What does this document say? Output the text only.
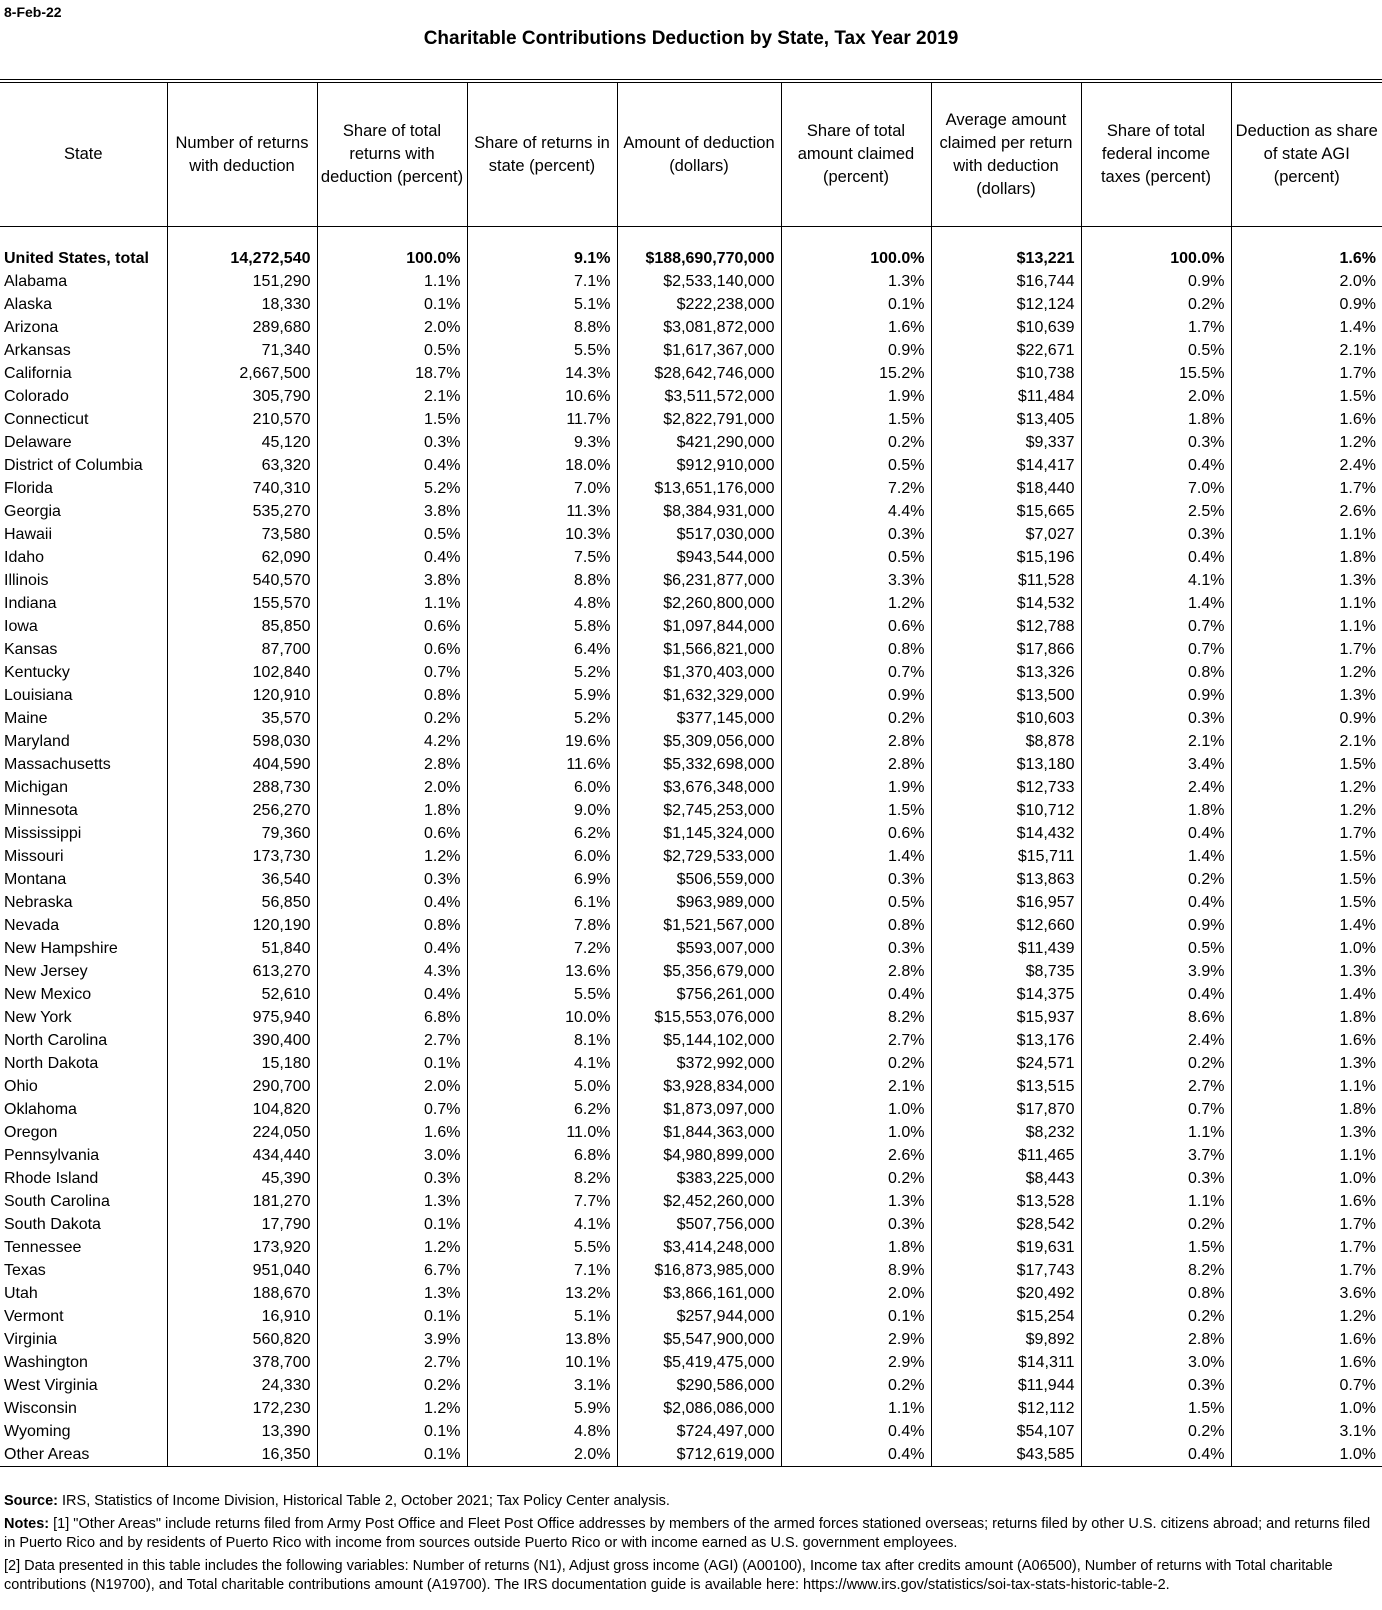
8-Feb-22
Charitable Contributions Deduction by State, Tax Year 2019
State	Number of returns with deduction	Share of total returns with deduction (percent)	Share of returns in state (percent)	Amount of deduction (dollars)	Share of total amount claimed (percent)	Average amount claimed per return with deduction (dollars)	Share of total federal income taxes (percent)	Deduction as share of state AGI (percent)

United States, total	14,272,540	100.0%	9.1%	$188,690,770,000	100.0%	$13,221	100.0%	1.6%
Alabama	151,290	1.1%	7.1%	$2,533,140,000	1.3%	$16,744	0.9%	2.0%
Alaska	18,330	0.1%	5.1%	$222,238,000	0.1%	$12,124	0.2%	0.9%
Arizona	289,680	2.0%	8.8%	$3,081,872,000	1.6%	$10,639	1.7%	1.4%
Arkansas	71,340	0.5%	5.5%	$1,617,367,000	0.9%	$22,671	0.5%	2.1%
California	2,667,500	18.7%	14.3%	$28,642,746,000	15.2%	$10,738	15.5%	1.7%
Colorado	305,790	2.1%	10.6%	$3,511,572,000	1.9%	$11,484	2.0%	1.5%
Connecticut	210,570	1.5%	11.7%	$2,822,791,000	1.5%	$13,405	1.8%	1.6%
Delaware	45,120	0.3%	9.3%	$421,290,000	0.2%	$9,337	0.3%	1.2%
District of Columbia	63,320	0.4%	18.0%	$912,910,000	0.5%	$14,417	0.4%	2.4%
Florida	740,310	5.2%	7.0%	$13,651,176,000	7.2%	$18,440	7.0%	1.7%
Georgia	535,270	3.8%	11.3%	$8,384,931,000	4.4%	$15,665	2.5%	2.6%
Hawaii	73,580	0.5%	10.3%	$517,030,000	0.3%	$7,027	0.3%	1.1%
Idaho	62,090	0.4%	7.5%	$943,544,000	0.5%	$15,196	0.4%	1.8%
Illinois	540,570	3.8%	8.8%	$6,231,877,000	3.3%	$11,528	4.1%	1.3%
Indiana	155,570	1.1%	4.8%	$2,260,800,000	1.2%	$14,532	1.4%	1.1%
Iowa	85,850	0.6%	5.8%	$1,097,844,000	0.6%	$12,788	0.7%	1.1%
Kansas	87,700	0.6%	6.4%	$1,566,821,000	0.8%	$17,866	0.7%	1.7%
Kentucky	102,840	0.7%	5.2%	$1,370,403,000	0.7%	$13,326	0.8%	1.2%
Louisiana	120,910	0.8%	5.9%	$1,632,329,000	0.9%	$13,500	0.9%	1.3%
Maine	35,570	0.2%	5.2%	$377,145,000	0.2%	$10,603	0.3%	0.9%
Maryland	598,030	4.2%	19.6%	$5,309,056,000	2.8%	$8,878	2.1%	2.1%
Massachusetts	404,590	2.8%	11.6%	$5,332,698,000	2.8%	$13,180	3.4%	1.5%
Michigan	288,730	2.0%	6.0%	$3,676,348,000	1.9%	$12,733	2.4%	1.2%
Minnesota	256,270	1.8%	9.0%	$2,745,253,000	1.5%	$10,712	1.8%	1.2%
Mississippi	79,360	0.6%	6.2%	$1,145,324,000	0.6%	$14,432	0.4%	1.7%
Missouri	173,730	1.2%	6.0%	$2,729,533,000	1.4%	$15,711	1.4%	1.5%
Montana	36,540	0.3%	6.9%	$506,559,000	0.3%	$13,863	0.2%	1.5%
Nebraska	56,850	0.4%	6.1%	$963,989,000	0.5%	$16,957	0.4%	1.5%
Nevada	120,190	0.8%	7.8%	$1,521,567,000	0.8%	$12,660	0.9%	1.4%
New Hampshire	51,840	0.4%	7.2%	$593,007,000	0.3%	$11,439	0.5%	1.0%
New Jersey	613,270	4.3%	13.6%	$5,356,679,000	2.8%	$8,735	3.9%	1.3%
New Mexico	52,610	0.4%	5.5%	$756,261,000	0.4%	$14,375	0.4%	1.4%
New York	975,940	6.8%	10.0%	$15,553,076,000	8.2%	$15,937	8.6%	1.8%
North Carolina	390,400	2.7%	8.1%	$5,144,102,000	2.7%	$13,176	2.4%	1.6%
North Dakota	15,180	0.1%	4.1%	$372,992,000	0.2%	$24,571	0.2%	1.3%
Ohio	290,700	2.0%	5.0%	$3,928,834,000	2.1%	$13,515	2.7%	1.1%
Oklahoma	104,820	0.7%	6.2%	$1,873,097,000	1.0%	$17,870	0.7%	1.8%
Oregon	224,050	1.6%	11.0%	$1,844,363,000	1.0%	$8,232	1.1%	1.3%
Pennsylvania	434,440	3.0%	6.8%	$4,980,899,000	2.6%	$11,465	3.7%	1.1%
Rhode Island	45,390	0.3%	8.2%	$383,225,000	0.2%	$8,443	0.3%	1.0%
South Carolina	181,270	1.3%	7.7%	$2,452,260,000	1.3%	$13,528	1.1%	1.6%
South Dakota	17,790	0.1%	4.1%	$507,756,000	0.3%	$28,542	0.2%	1.7%
Tennessee	173,920	1.2%	5.5%	$3,414,248,000	1.8%	$19,631	1.5%	1.7%
Texas	951,040	6.7%	7.1%	$16,873,985,000	8.9%	$17,743	8.2%	1.7%
Utah	188,670	1.3%	13.2%	$3,866,161,000	2.0%	$20,492	0.8%	3.6%
Vermont	16,910	0.1%	5.1%	$257,944,000	0.1%	$15,254	0.2%	1.2%
Virginia	560,820	3.9%	13.8%	$5,547,900,000	2.9%	$9,892	2.8%	1.6%
Washington	378,700	2.7%	10.1%	$5,419,475,000	2.9%	$14,311	3.0%	1.6%
West Virginia	24,330	0.2%	3.1%	$290,586,000	0.2%	$11,944	0.3%	0.7%
Wisconsin	172,230	1.2%	5.9%	$2,086,086,000	1.1%	$12,112	1.5%	1.0%
Wyoming	13,390	0.1%	4.8%	$724,497,000	0.4%	$54,107	0.2%	3.1%
Other Areas	16,350	0.1%	2.0%	$712,619,000	0.4%	$43,585	0.4%	1.0%

Source: IRS, Statistics of Income Division, Historical Table 2, October 2021; Tax Policy Center analysis.

Notes: [1] "Other Areas" include returns filed from Army Post Office and Fleet Post Office addresses by members of the armed forces stationed overseas; returns filed by other U.S. citizens abroad; and returns filed in Puerto Rico and by residents of Puerto Rico with income from sources outside Puerto Rico or with income earned as U.S. government employees.

[2] Data presented in this table includes the following variables: Number of returns (N1), Adjust gross income (AGI) (A00100), Income tax after credits amount (A06500), Number of returns with Total charitable contributions (N19700), and Total charitable contributions amount (A19700). The IRS documentation guide is available here: https://www.irs.gov/statistics/soi-tax-stats-historic-table-2.
